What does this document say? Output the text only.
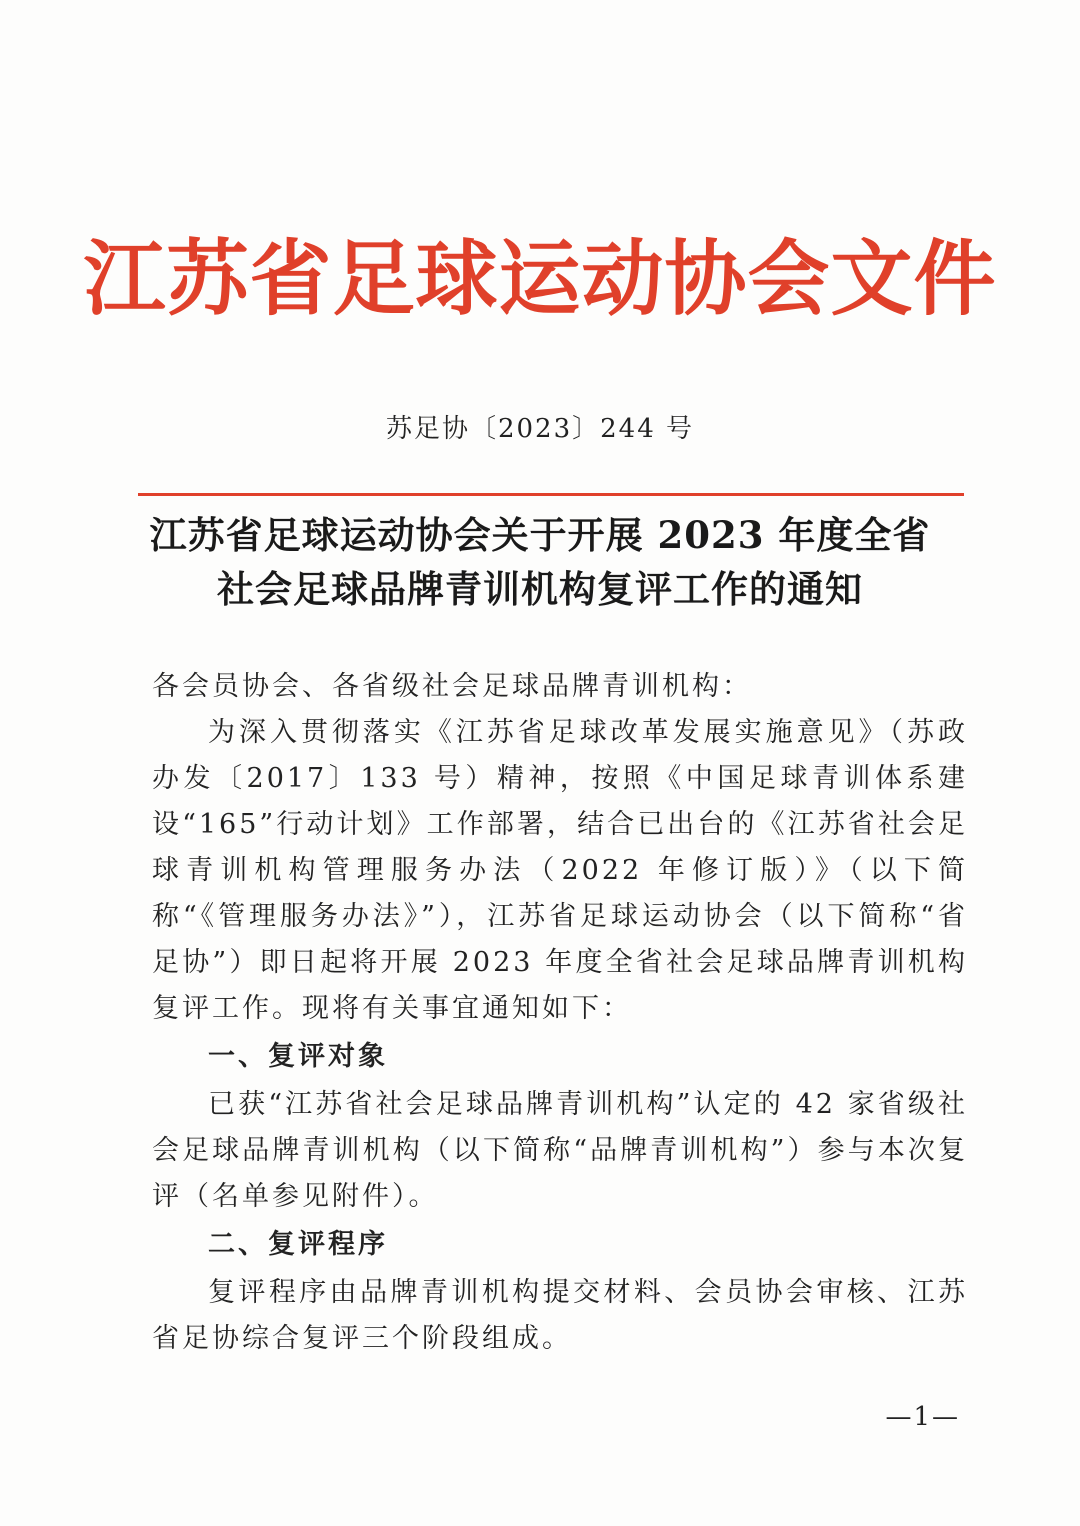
江苏省足球运动协会文件
苏足协〔2023〕244 号
江苏省足球运动协会关于开展 2023 年度全省
社会足球品牌青训机构复评工作的通知

各会员协会、各省级社会足球品牌青训机构：

为深入贯彻落实《江苏省足球改革发展实施意见》（苏政办发〔2017〕133 号）精神，按照《中国足球青训体系建设“165”行动计划》工作部署，结合已出台的《江苏省社会足球青训机构管理服务办法（2022 年修订版）》（以下简称“《管理服务办法》”），江苏省足球运动协会（以下简称“省足协”）即日起将开展 2023 年度全省社会足球品牌青训机构复评工作。现将有关事宜通知如下：

一、复评对象

已获“江苏省社会足球品牌青训机构”认定的 42 家省级社会足球品牌青训机构（以下简称“品牌青训机构”）参与本次复评（名单参见附件）。

二、复评程序

复评程序由品牌青训机构提交材料、会员协会审核、江苏省足协综合复评三个阶段组成。

—1—
